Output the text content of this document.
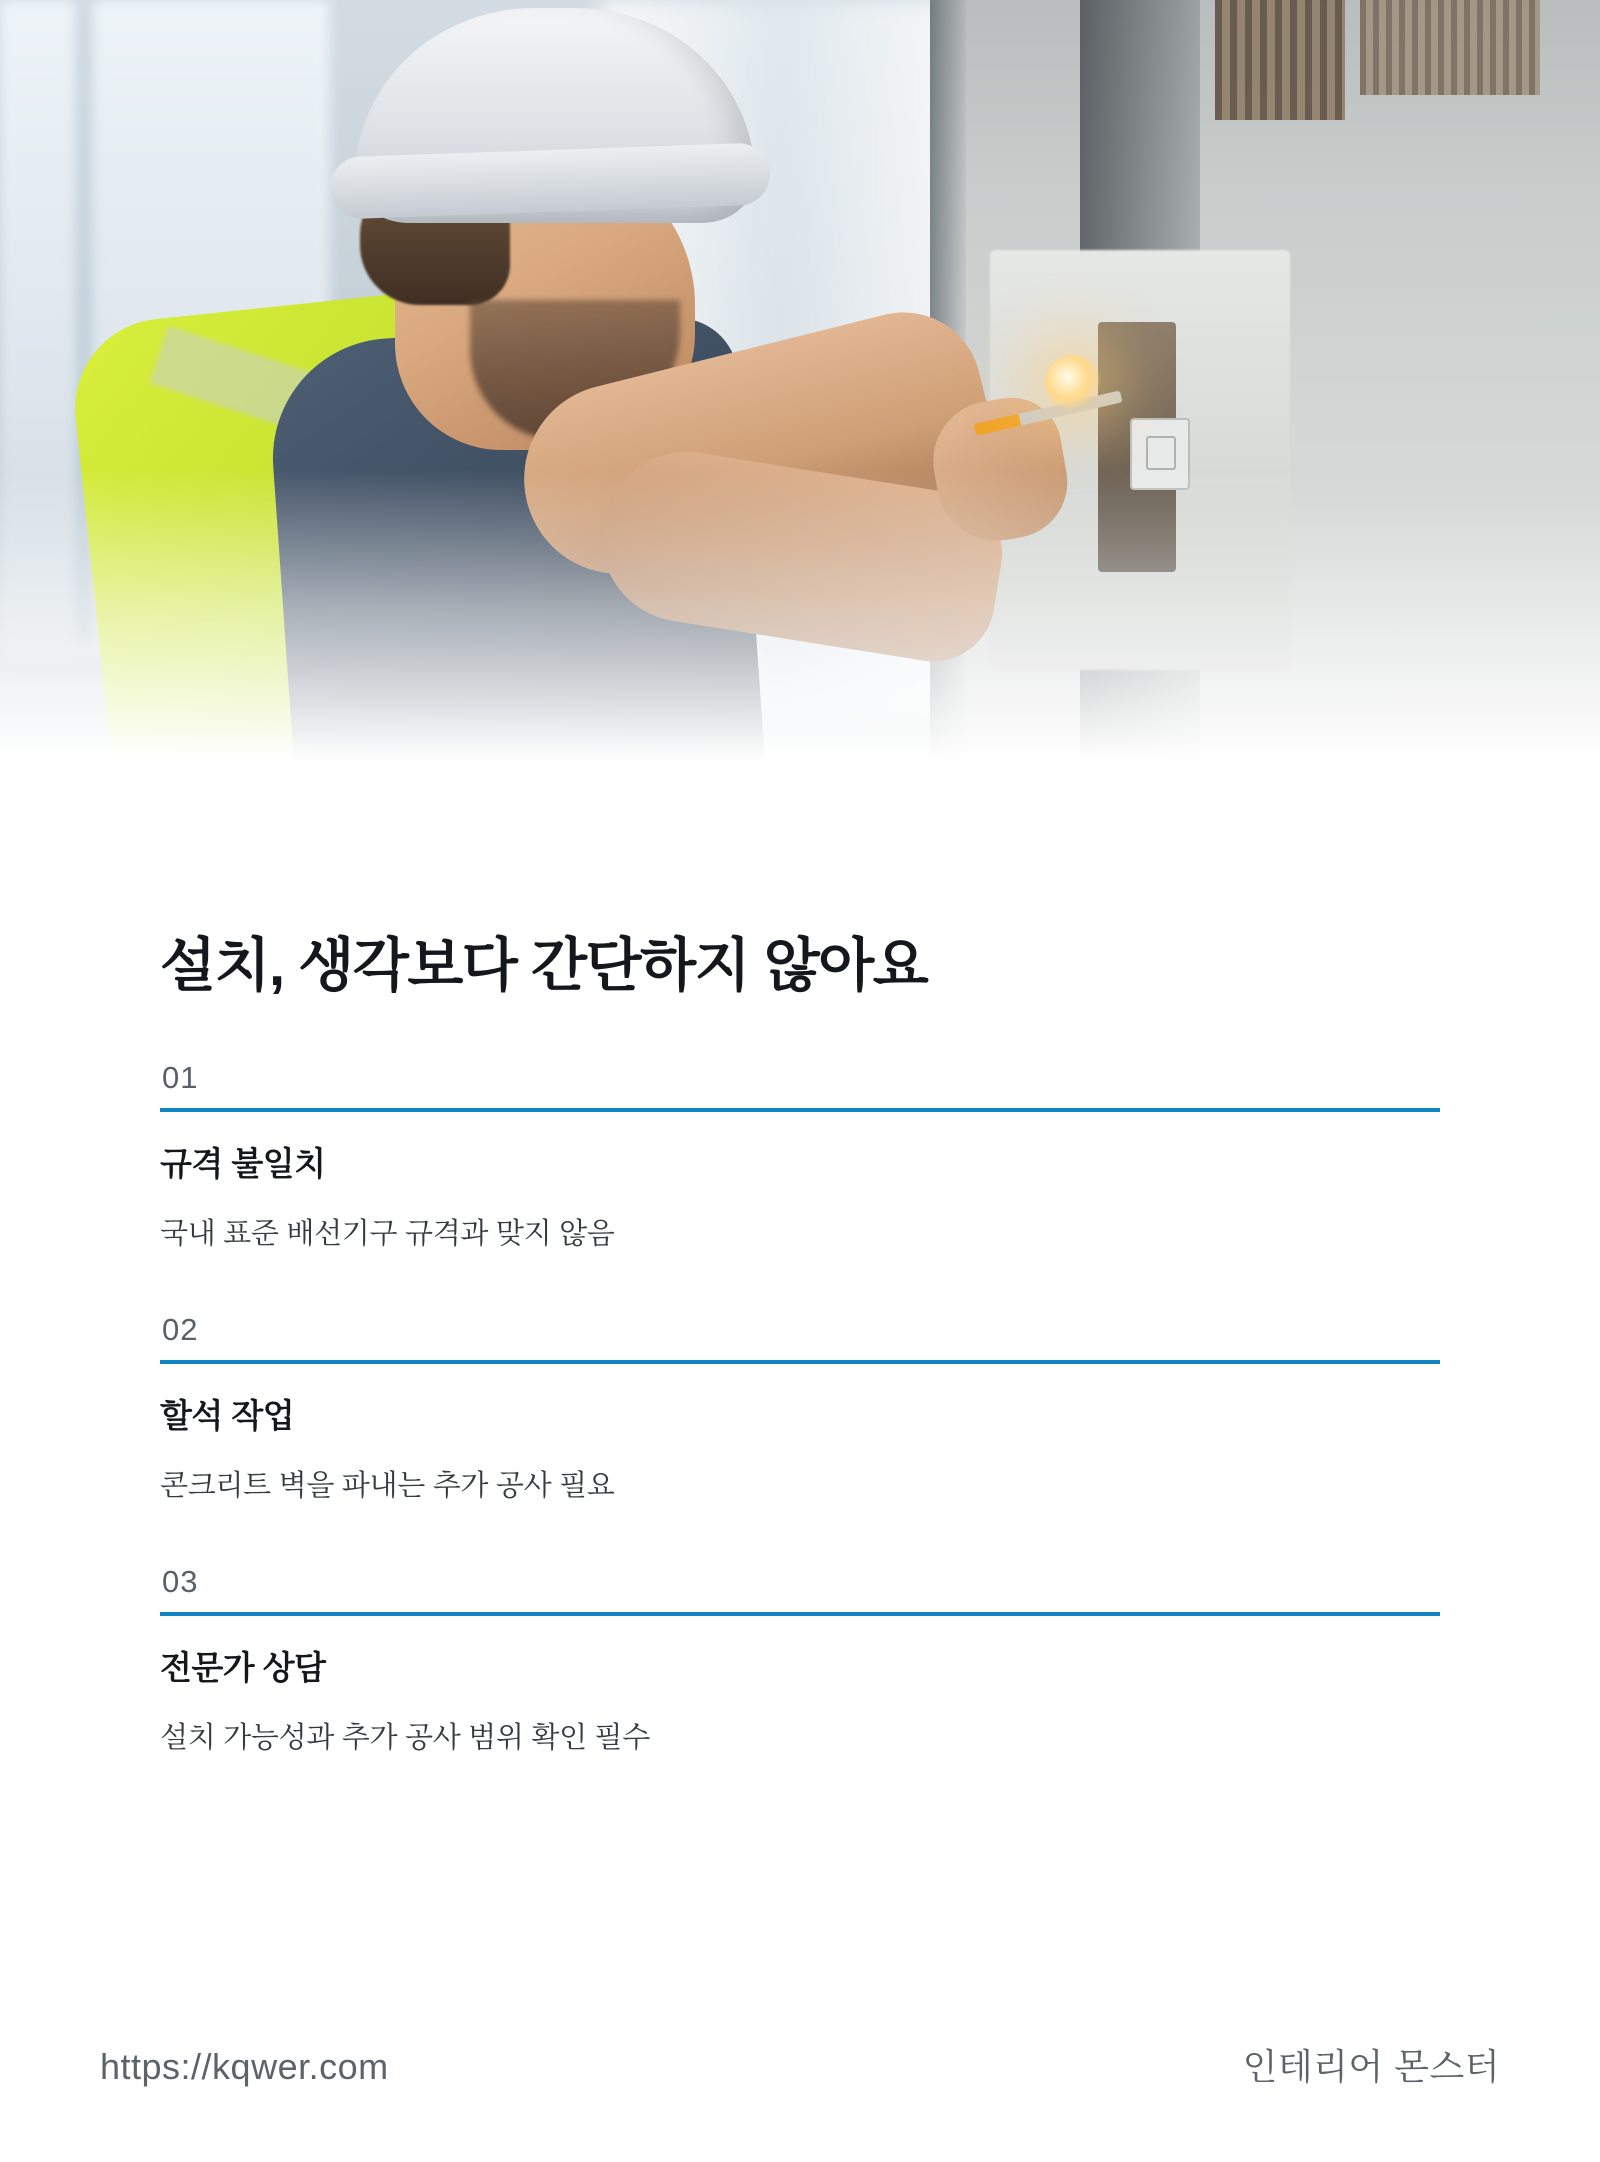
설치, 생각보다 간단하지 않아요
01
규격 불일치
국내 표준 배선기구 규격과 맞지 않음
02
할석 작업
콘크리트 벽을 파내는 추가 공사 필요
03
전문가 상담
설치 가능성과 추가 공사 범위 확인 필수
https://kqwer.com	인테리어 몬스터
